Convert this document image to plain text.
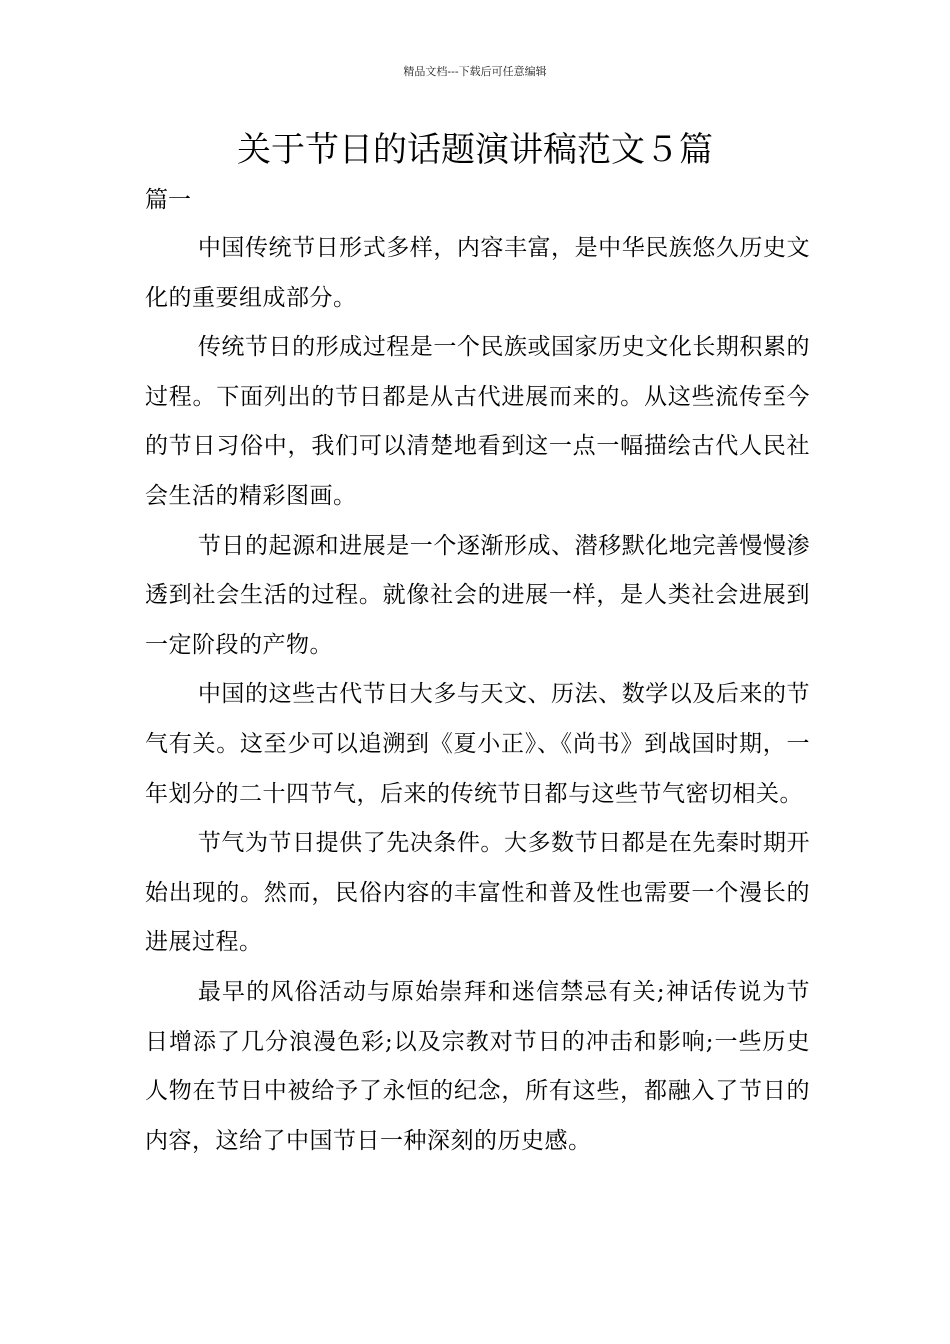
精品文档---下载后可任意编辑
关于节日的话题演讲稿范文５篇
篇一

中国传统节日形式多样，内容丰富，是中华民族悠久历史文化的重要组成部分。

传统节日的形成过程是一个民族或国家历史文化长期积累的过程。下面列出的节日都是从古代进展而来的。从这些流传至今的节日习俗中，我们可以清楚地看到这一点一幅描绘古代人民社会生活的精彩图画。

节日的起源和进展是一个逐渐形成、潜移默化地完善慢慢渗透到社会生活的过程。就像社会的进展一样，是人类社会进展到一定阶段的产物。

中国的这些古代节日大多与天文、历法、数学以及后来的节气有关。这至少可以追溯到《夏小正》、《尚书》到战国时期，一年划分的二十四节气，后来的传统节日都与这些节气密切相关。

节气为节日提供了先决条件。大多数节日都是在先秦时期开始出现的。然而，民俗内容的丰富性和普及性也需要一个漫长的进展过程。

最早的风俗活动与原始崇拜和迷信禁忌有关;神话传说为节日增添了几分浪漫色彩;以及宗教对节日的冲击和影响;一些历史人物在节日中被给予了永恒的纪念，所有这些，都融入了节日的内容，这给了中国节日一种深刻的历史感。
